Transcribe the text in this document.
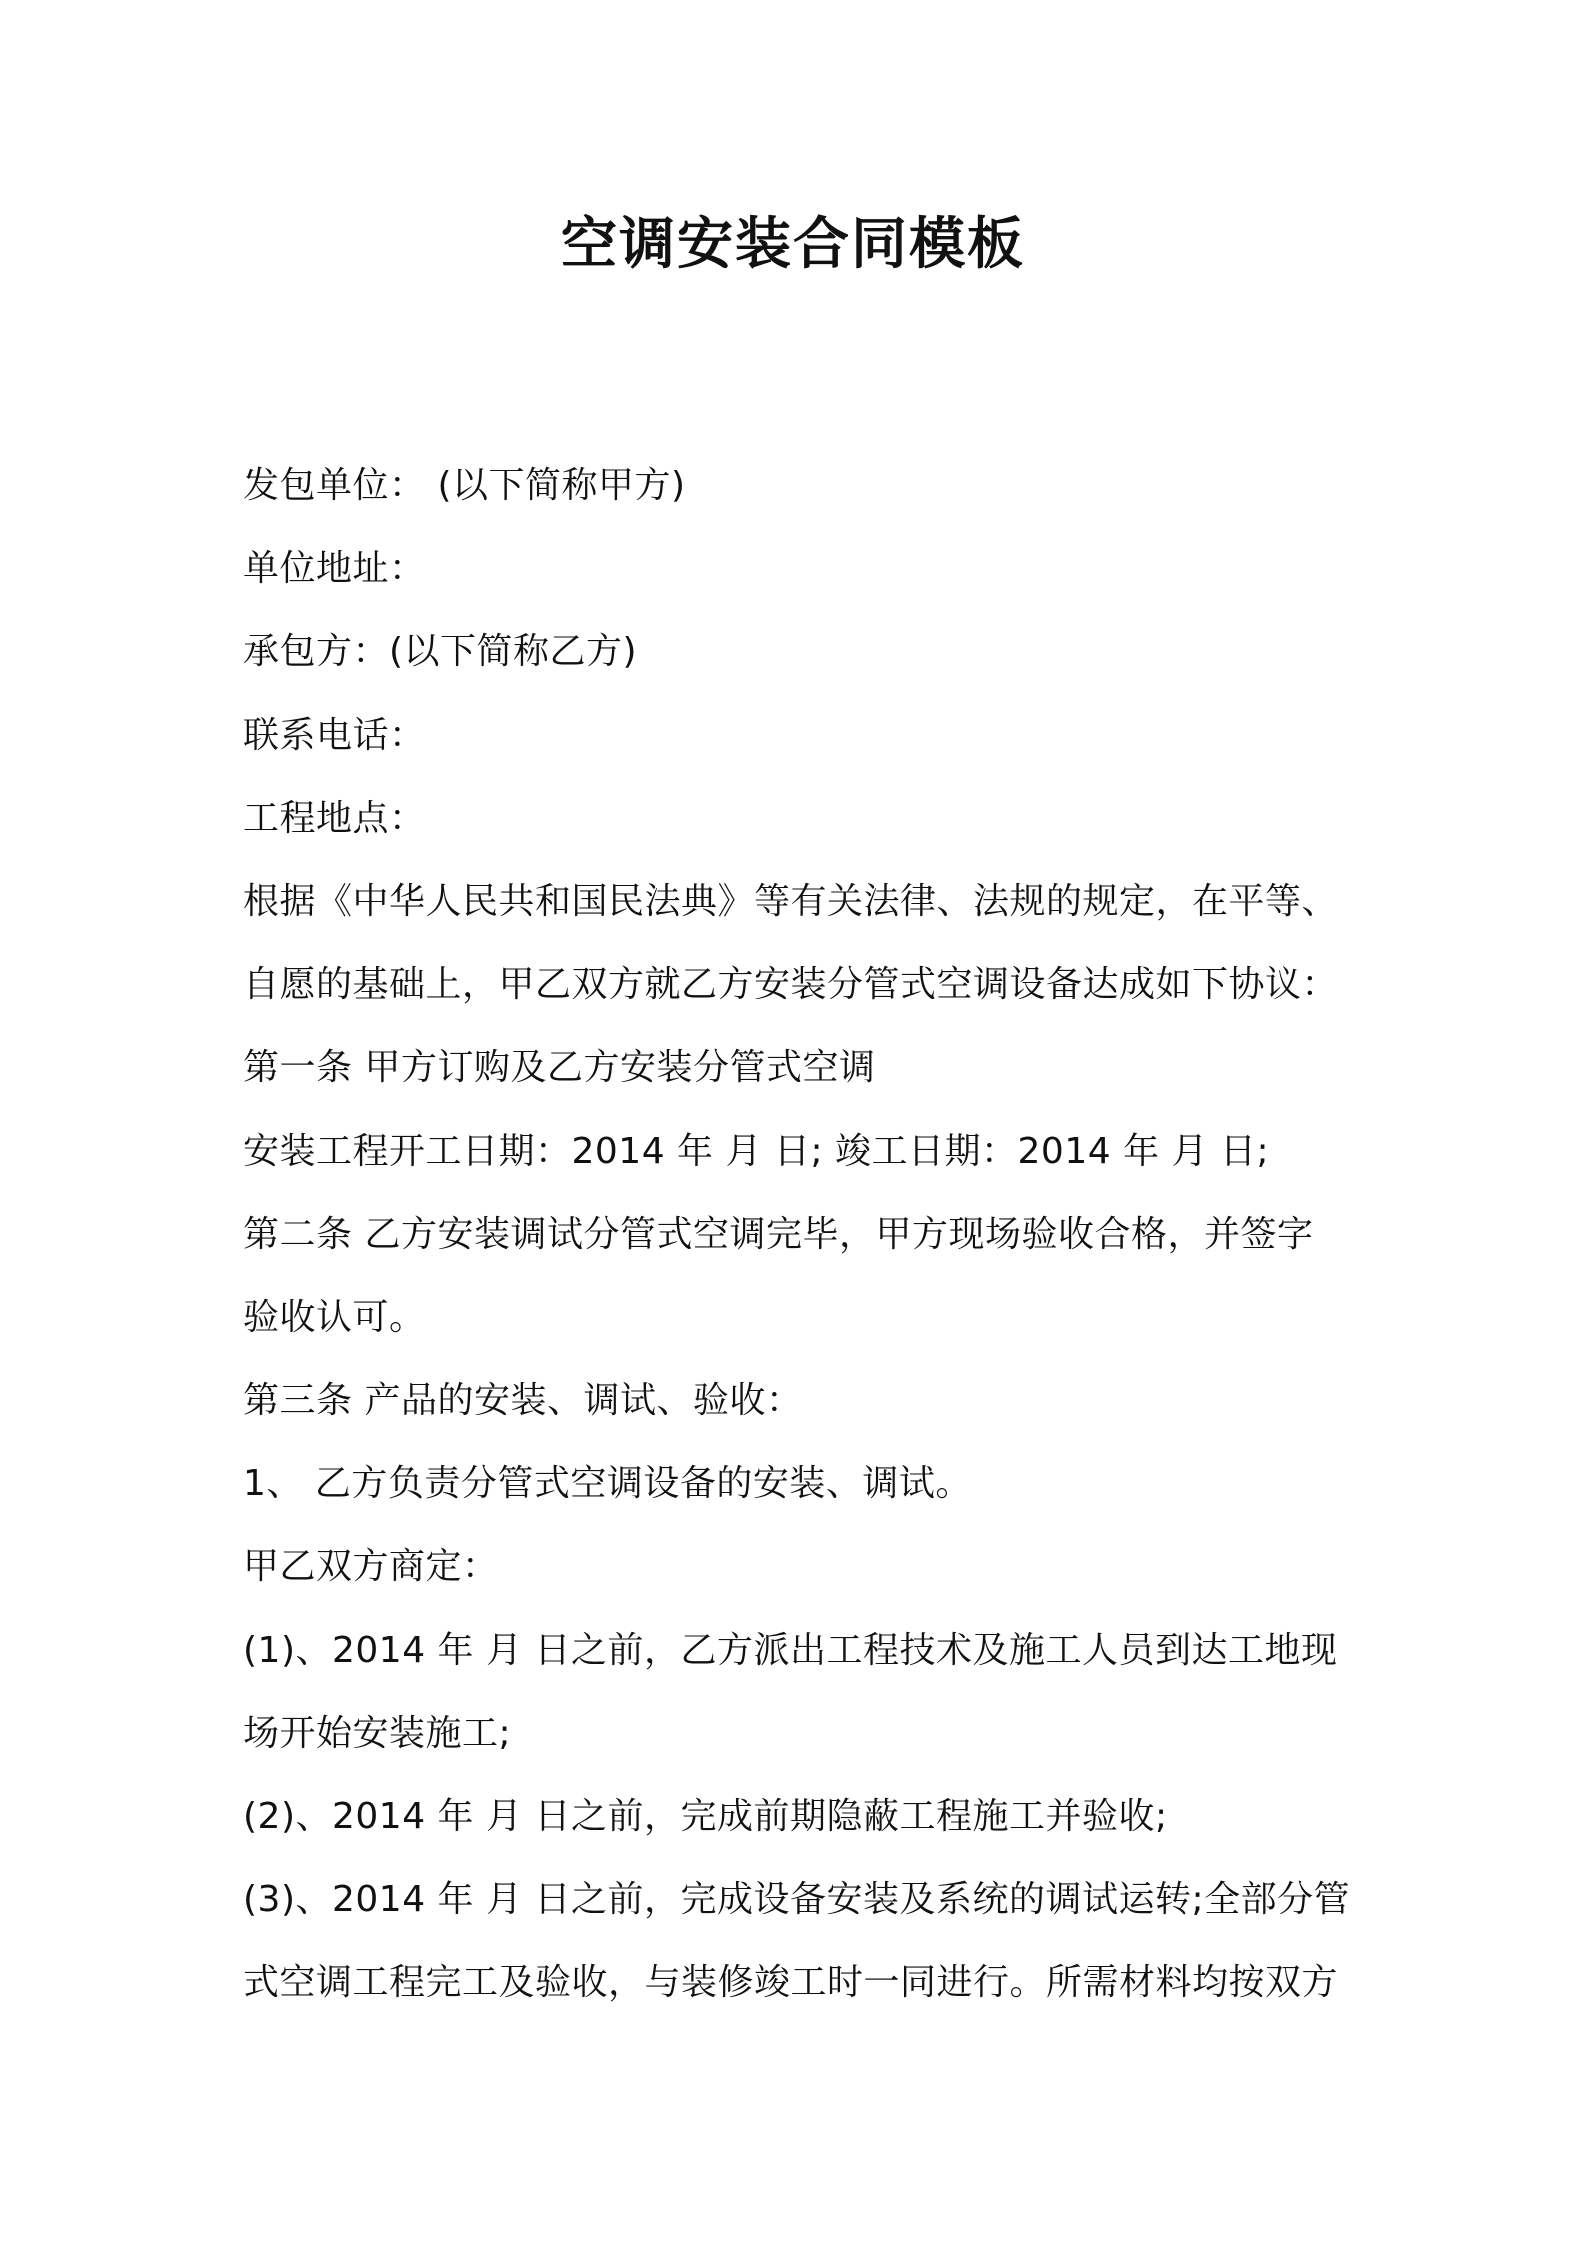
空调安装合同模板
发包单位： (以下简称甲方)
单位地址：
承包方：(以下简称乙方)
联系电话：
工程地点：
根据《中华人民共和国民法典》等有关法律、法规的规定，在平等、
自愿的基础上，甲乙双方就乙方安装分管式空调设备达成如下协议：
第一条 甲方订购及乙方安装分管式空调
安装工程开工日期：2014 年 月 日; 竣工日期：2014 年 月 日;
第二条 乙方安装调试分管式空调完毕，甲方现场验收合格，并签字
验收认可。
第三条 产品的安装、调试、验收：
1、 乙方负责分管式空调设备的安装、调试。
甲乙双方商定：
(1)、2014 年 月 日之前，乙方派出工程技术及施工人员到达工地现
场开始安装施工;
(2)、2014 年 月 日之前，完成前期隐蔽工程施工并验收;
(3)、2014 年 月 日之前，完成设备安装及系统的调试运转;全部分管
式空调工程完工及验收，与装修竣工时一同进行。所需材料均按双方
